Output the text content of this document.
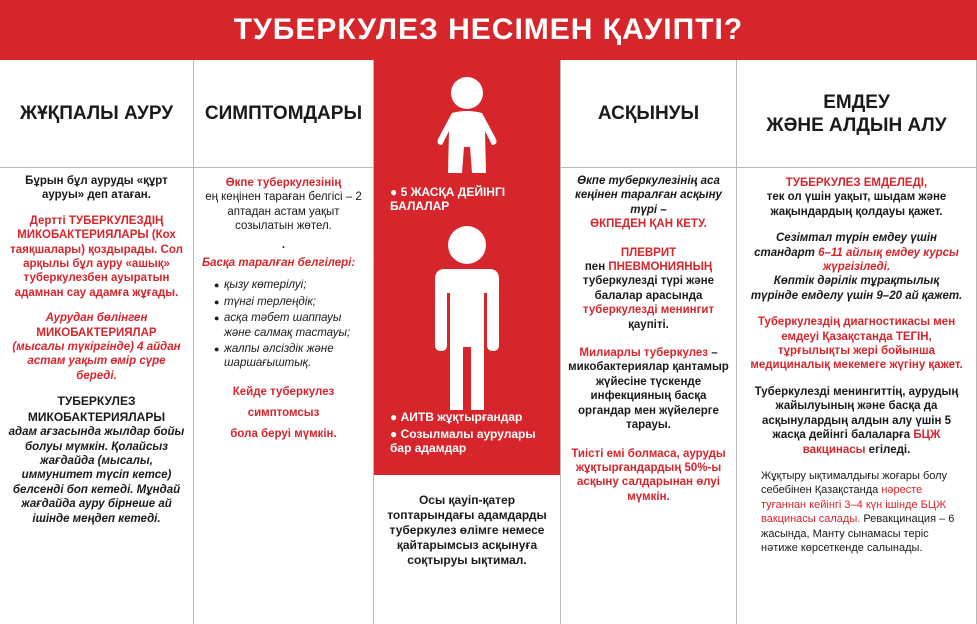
ТУБЕРКУЛЕЗ НЕСІМЕН ҚАУІПТІ?
ЖҰҚПАЛЫ АУРУ

Бұрын бұл ауруды «құрт ауруы» деп атаған.

Дертті ТУБЕРКУЛЕЗДІҢ МИКОБАКТЕРИЯЛАРЫ (Кох таяқшалары) қоздырады. Сол арқылы бұл ауру «ашық» туберкулезбен ауыратын адамнан сау адамға жұғады.

Аурудан бөлінген
МИКОБАКТЕРИЯЛАР
(мысалы түкіргінде) 4 айдан астам уақыт өмір сүре береді.

ТУБЕРКУЛЕЗ МИКОБАКТЕРИЯЛАРЫ
адам ағзасында жылдар бойы болуы мүмкін. Қолайсыз жағдайда (мысалы, иммунитет түсіп кетсе) белсенді боп кетеді. Мұндай жағдайда ауру бірнеше ай ішінде меңдеп кетеді.

СИМПТОМДАРЫ

Өкпе туберкулезінің
ең кеңінен тараған белгісі – 2 аптадан астам уақыт созылатын жөтел.

.

Басқа таралған белгілері:

● қызу көтерілуі;
● түнгі терлеңдік;
● асқа тәбет шаппауы және салмақ тастауы;
● жалпы әлсіздік және шаршағыштық.

Кейде туберкулез
симптомсыз
бола беруі мүмкін.

● 5 ЖАСҚА ДЕЙІНГІ БАЛАЛАР
● АИТВ жұқтырғандар
● Созылмалы аурулары бар адамдар
Осы қауіп-қатер топтарындағы адамдарды туберкулез өлімге немесе қайтарымсыз асқынуға соқтыруы ықтимал.
АСҚЫНУЫ

Өкпе туберкулезінің аса кеңінен таралған асқыну түрі –
ӨКПЕДЕН ҚАН КЕТУ.

ПЛЕВРИТ
пен ПНЕВМОНИЯНЫҢ
туберкулезді түрі және балалар арасында
туберкулезді менингит
қаупіті.

Милиарлы туберкулез – микобактериялар қантамыр жүйесіне түскенде инфекцияның басқа органдар мен жүйелерге тарауы.

Тиісті емі болмаса, ауруды жұқтырғандардың 50%-ы асқыну салдарынан өлуі мүмкін.

ЕМДЕУ
ЖӘНЕ АЛДЫН АЛУ

ТУБЕРКУЛЕЗ ЕМДЕЛЕДІ,
тек ол үшін уақыт, шыдам және жақындардың қолдауы қажет.

Сезімтал түрін емдеу үшін стандарт 6–11 айлық емдеу курсы жүргізіледі.
Көптік дәрілік тұрақтылық түрінде емделу үшін 9–20 ай қажет.

Туберкулездің диагностикасы мен емдеуі Қазақстанда ТЕГІН, тұрғылықты жері бойынша медициналық мекемеге жүгіну қажет.

Туберкулезді менингиттің, аурудың жайылуының және басқа да асқынулардың алдын алу үшін 5 жасқа дейінгі балаларға БЦЖ вакцинасы егіледі.

Жұқтыру ықтималдығы жоғары болу себебінен Қазақстанда нәресте туғаннан кейінгі 3–4 күн ішінде БЦЖ вакцинасы салады. Ревакцинация – 6 жасында, Манту сынамасы теріс нәтиже көрсеткенде салынады.
